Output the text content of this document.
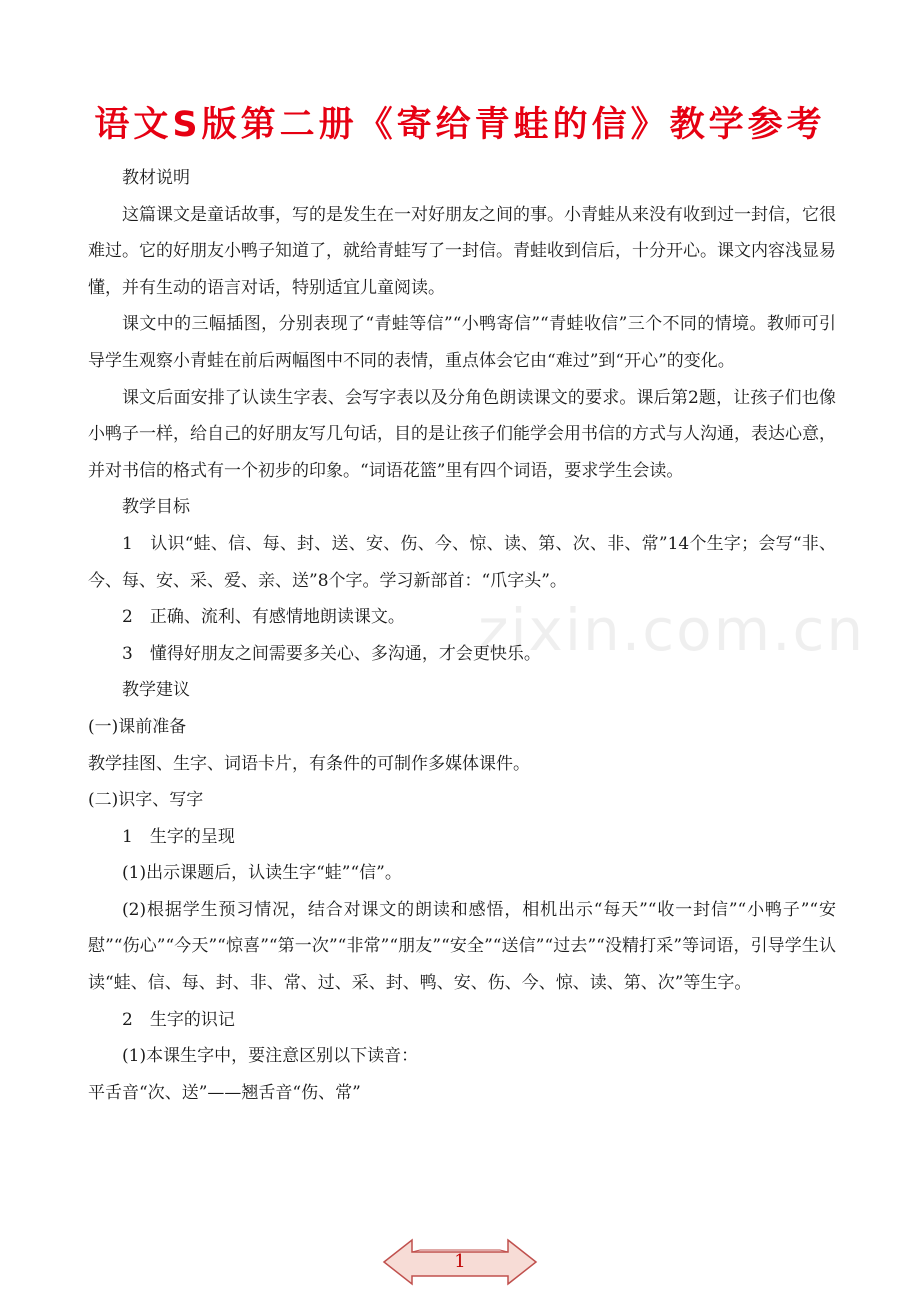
语文S版第二册《寄给青蛙的信》教学参考
zixin.com.cn

教材说明

这篇课文是童话故事，写的是发生在一对好朋友之间的事。小青蛙从来没有收到过一封信，它很难过。它的好朋友小鸭子知道了，就给青蛙写了一封信。青蛙收到信后，十分开心。课文内容浅显易懂，并有生动的语言对话，特别适宜儿童阅读。

课文中的三幅插图，分别表现了“青蛙等信”“小鸭寄信”“青蛙收信”三个不同的情境。教师可引导学生观察小青蛙在前后两幅图中不同的表情，重点体会它由“难过”到“开心”的变化。

课文后面安排了认读生字表、会写字表以及分角色朗读课文的要求。课后第2题，让孩子们也像小鸭子一样，给自己的好朋友写几句话，目的是让孩子们能学会用书信的方式与人沟通，表达心意，并对书信的格式有一个初步的印象。“词语花篮”里有四个词语，要求学生会读。

教学目标

1　认识“蛙、信、每、封、送、安、伤、今、惊、读、第、次、非、常”14个生字；会写“非、今、每、安、采、爱、亲、送”8个字。学习新部首：“爪字头”。

2　正确、流利、有感情地朗读课文。

3　懂得好朋友之间需要多关心、多沟通，才会更快乐。

教学建议

(一)课前准备

教学挂图、生字、词语卡片，有条件的可制作多媒体课件。

(二)识字、写字

1　生字的呈现

(1)出示课题后，认读生字“蛙”“信”。

(2)根据学生预习情况，结合对课文的朗读和感悟，相机出示“每天”“收一封信”“小鸭子”“安慰”“伤心”“今天”“惊喜”“第一次”“非常”“朋友”“安全”“送信”“过去”“没精打采”等词语，引导学生认读“蛙、信、每、封、非、常、过、采、封、鸭、安、伤、今、惊、读、第、次”等生字。

2　生字的识记

(1)本课生字中，要注意区别以下读音：

平舌音“次、送”——翘舌音“伤、常”

1
